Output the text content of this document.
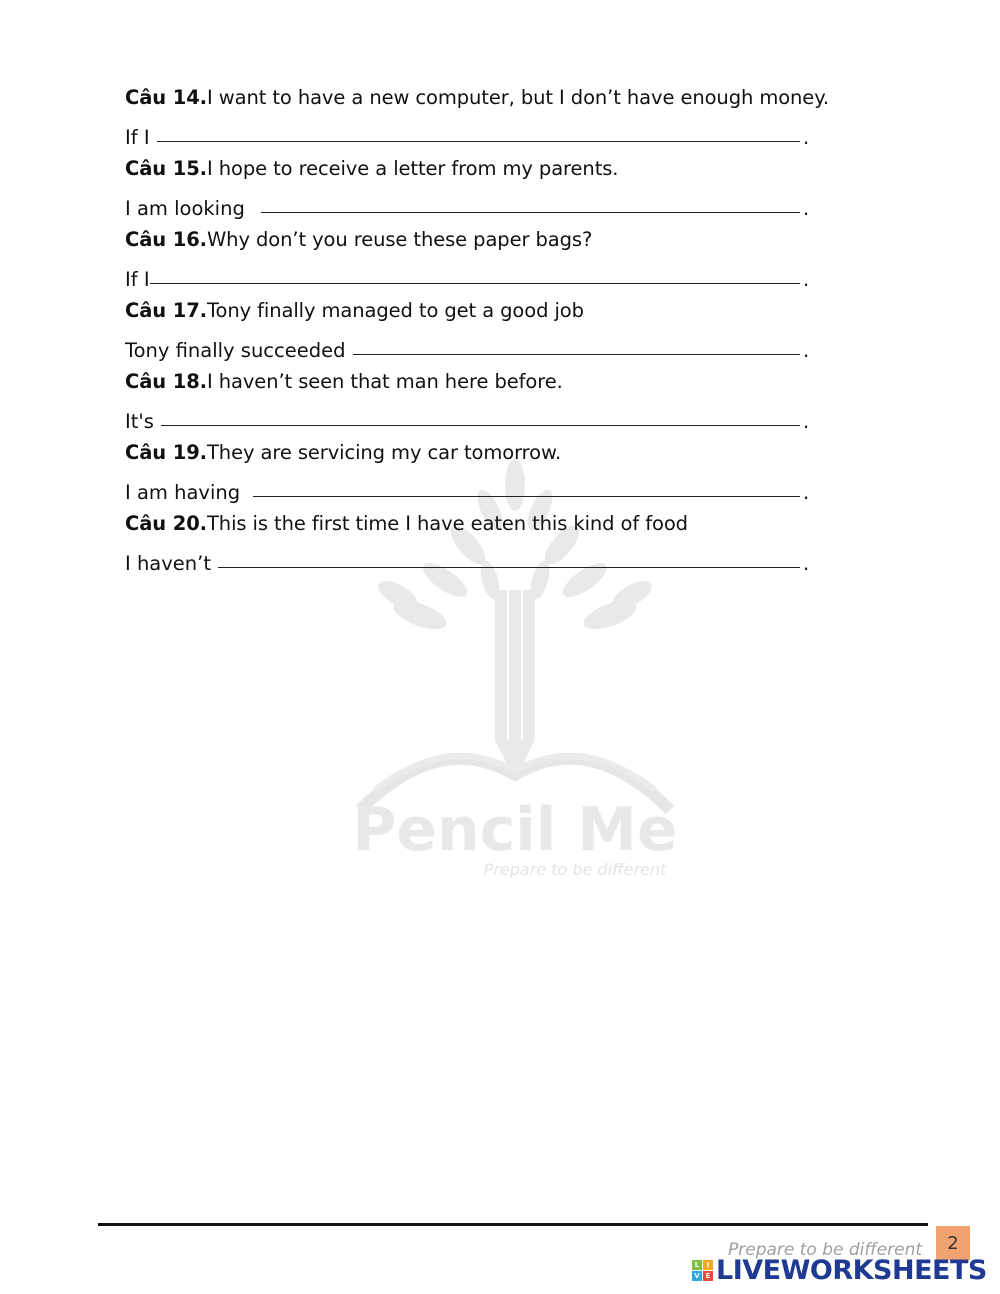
Pencil Me
Prepare to be different
Câu 14. I want to have a new computer, but I don’t have enough money.
If I	.
Câu 15. I hope to receive a letter from my parents.
I am looking	.
Câu 16. Why don’t you reuse these paper bags?
If I	.
Câu 17. Tony finally managed to get a good job
Tony finally succeeded	.
Câu 18. I haven’t seen that man here before.
It's	.
Câu 19. They are servicing my car tomorrow.
I am having	.
Câu 20. This is the first time I have eaten this kind of food
I haven’t	.
Prepare to be different	2
L	I
V E LIVEWORKSHEETS
